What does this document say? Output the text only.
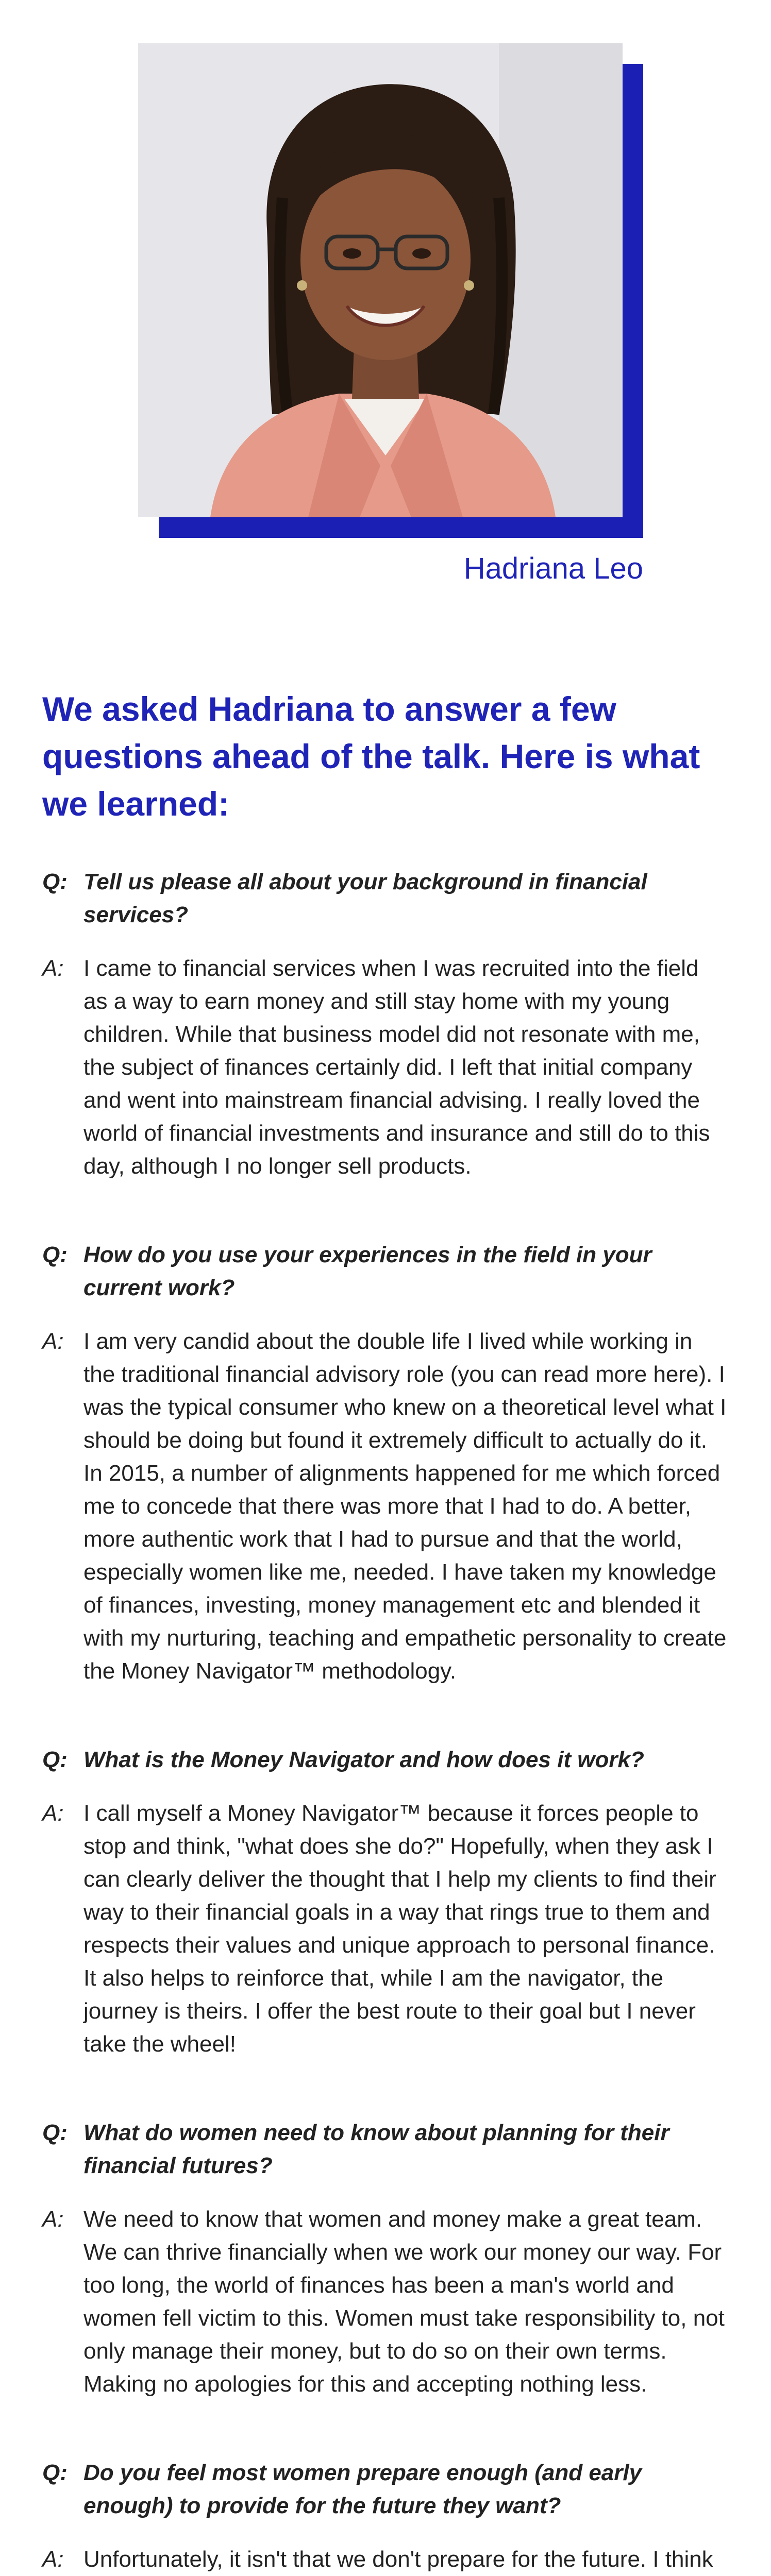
Hadriana Leo
We asked Hadriana to answer a few questions ahead of the talk. Here is what we learned:
Q: Tell us please all about your background in financial services?
A: I came to financial services when I was recruited into the field as a way to earn money and still stay home with my young children. While that business model did not resonate with me, the subject of finances certainly did. I left that initial company and went into mainstream financial advising. I really loved the world of financial investments and insurance and still do to this day, although I no longer sell products.
Q: How do you use your experiences in the field in your current work?
A: I am very candid about the double life I lived while working in the traditional financial advisory role (you can read more here). I was the typical consumer who knew on a theoretical level what I should be doing but found it extremely difficult to actually do it. In 2015, a number of alignments happened for me which forced me to concede that there was more that I had to do. A better, more authentic work that I had to pursue and that the world, especially women like me, needed. I have taken my knowledge of finances, investing, money management etc and blended it with my nurturing, teaching and empathetic personality to create the Money Navigator™ methodology.
Q: What is the Money Navigator and how does it work?
A: I call myself a Money Navigator™ because it forces people to stop and think, "what does she do?" Hopefully, when they ask I can clearly deliver the thought that I help my clients to find their way to their financial goals in a way that rings true to them and respects their values and unique approach to personal finance. It also helps to reinforce that, while I am the navigator, the journey is theirs. I offer the best route to their goal but I never take the wheel!
Q: What do women need to know about planning for their financial futures?
A: We need to know that women and money make a great team. We can thrive financially when we work our money our way. For too long, the world of finances has been a man's world and women fell victim to this. Women must take responsibility to, not only manage their money, but to do so on their own terms. Making no apologies for this and accepting nothing less.
Q: Do you feel most women prepare enough (and early enough) to provide for the future they want?
A: Unfortunately, it isn't that we don't prepare for the future. I think
